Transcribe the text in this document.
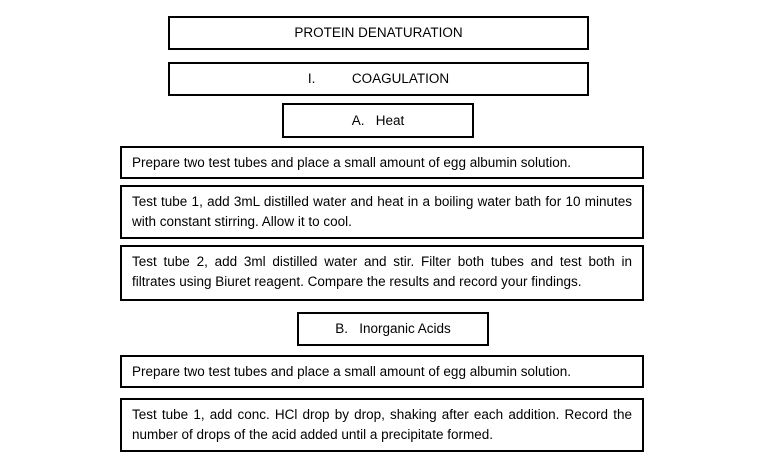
PROTEIN DENATURATION
I.	COAGULATION
A. Heat
Prepare two test tubes and place a small amount of egg albumin solution.
Test tube 1, add 3mL distilled water and heat in a boiling water bath for 10 minutes with constant stirring. Allow it to cool.
Test tube 2, add 3ml distilled water and stir. Filter both tubes and test both in filtrates using Biuret reagent. Compare the results and record your findings.
B. Inorganic Acids
Prepare two test tubes and place a small amount of egg albumin solution.
Test tube 1, add conc. HCl drop by drop, shaking after each addition. Record the number of drops of the acid added until a precipitate formed.
